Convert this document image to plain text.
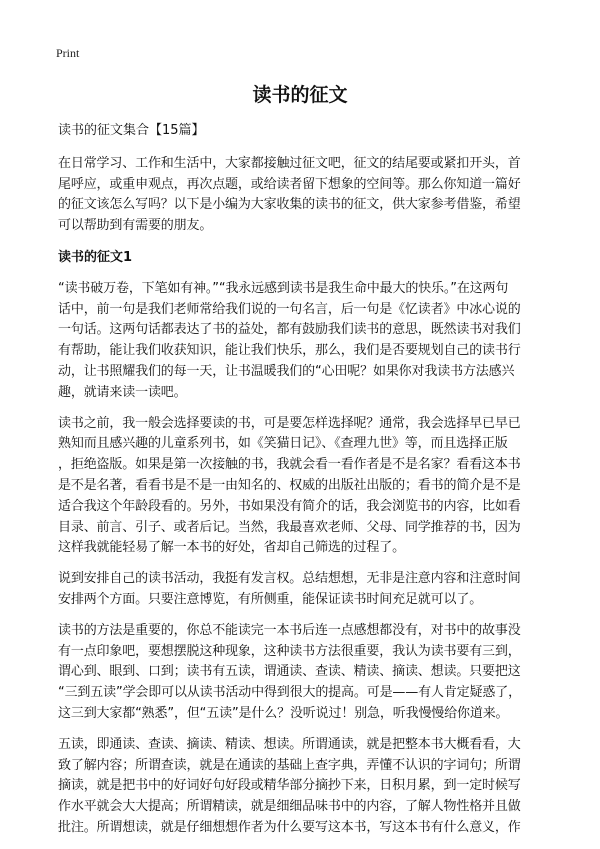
Print
读书的征文

读书的征文集合【15篇】

在日常学习、工作和生活中，大家都接触过征文吧，征文的结尾要或紧扣开头，首

尾呼应，或重申观点，再次点题，或给读者留下想象的空间等。那么你知道一篇好

的征文该怎么写吗？以下是小编为大家收集的读书的征文，供大家参考借鉴，希望

可以帮助到有需要的朋友。

读书的征文1

“读书破万卷，下笔如有神。”“我永远感到读书是我生命中最大的快乐。”在这两句

话中，前一句是我们老师常给我们说的一句名言，后一句是《忆读者》中冰心说的

一句话。这两句话都表达了书的益处，都有鼓励我们读书的意思，既然读书对我们

有帮助，能让我们收获知识，能让我们快乐，那么，我们是否要规划自己的读书行

动，让书照耀我们的每一天，让书温暖我们的“心田呢？如果你对我读书方法感兴

趣，就请来读一读吧。

读书之前，我一般会选择要读的书，可是要怎样选择呢？通常，我会选择早已早已

熟知而且感兴趣的儿童系列书，如《笑猫日记》、《查理九世》等，而且选择正版

，拒绝盗版。如果是第一次接触的书，我就会看一看作者是不是名家？看看这本书

是不是名著，看看书是不是一由知名的、权威的出版社出版的；看书的简介是不是

适合我这个年龄段看的。另外，书如果没有简介的话，我会浏览书的内容，比如看

目录、前言、引子、或者后记。当然，我最喜欢老师、父母、同学推荐的书，因为

这样我就能轻易了解一本书的好处，省却自己筛选的过程了。

说到安排自己的读书活动，我挺有发言权。总结想想，无非是注意内容和注意时间

安排两个方面。只要注意博览，有所侧重，能保证读书时间充足就可以了。

读书的方法是重要的，你总不能读完一本书后连一点感想都没有，对书中的故事没

有一点印象吧，要想摆脱这种现象，这种读书方法很重要，我认为读书要有三到，

谓心到、眼到、口到；读书有五读，谓通读、查读、精读、摘读、想读。只要把这

“三到五读”学会即可以从读书活动中得到很大的提高。可是——有人肯定疑惑了，

这三到大家都“熟悉”，但“五读”是什么？没听说过！别急，听我慢慢给你道来。

五读，即通读、查读、摘读、精读、想读。所谓通读，就是把整本书大概看看，大

致了解内容；所谓查读，就是在通读的基础上查字典，弄懂不认识的字词句；所谓

摘读，就是把书中的好词好句好段或精华部分摘抄下来，日积月累，到一定时候写

作水平就会大大提高；所谓精读，就是细细品味书中的内容，了解人物性格并且做

批注。所谓想读，就是仔细想想作者为什么要写这本书，写这本书有什么意义，作
